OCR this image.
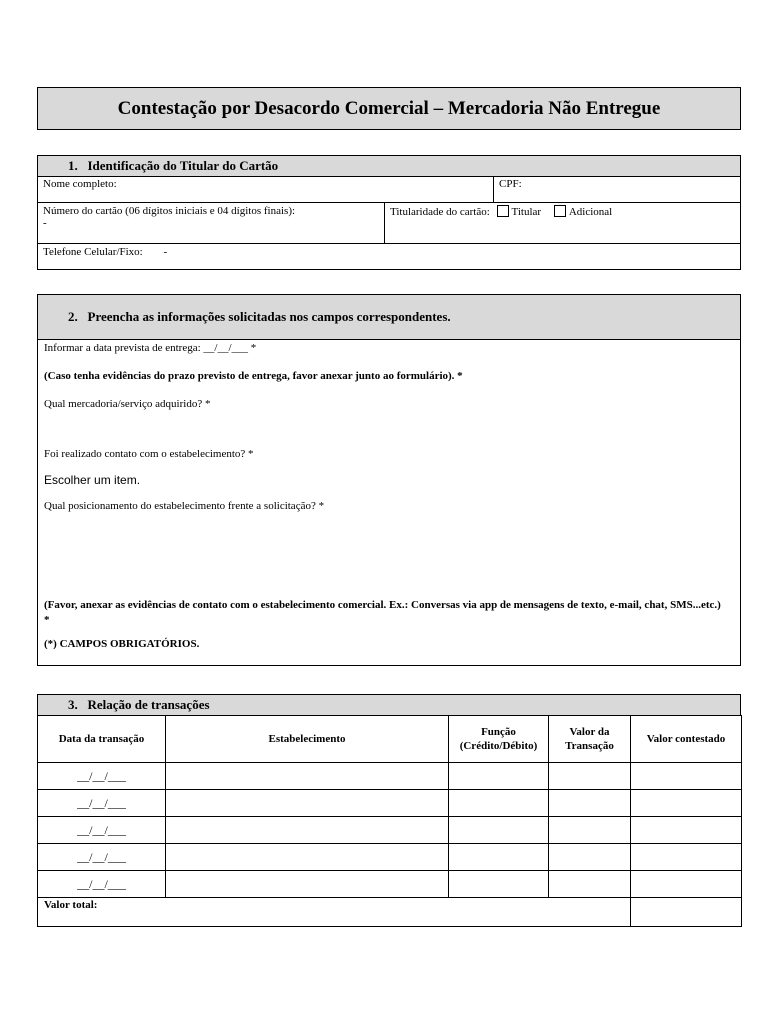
Contestação por Desacordo Comercial – Mercadoria Não Entregue
1.   Identificação do Titular do Cartão
Nome completo:	CPF:
Número do cartão (06 dígitos iniciais e 04 dígitos finais):
-
Titularidade do cartão: Titular	Adicional
Telefone Celular/Fixo: -
2.   Preencha as informações solicitadas nos campos correspondentes.
Informar a data prevista de entrega: __/__/___ *
(Caso tenha evidências do prazo previsto de entrega, favor anexar junto ao formulário). *
Qual mercadoria/serviço adquirido? *
Foi realizado contato com o estabelecimento? *
Escolher um item.
Qual posicionamento do estabelecimento frente a solicitação? *
(Favor, anexar as evidências de contato com o estabelecimento comercial. Ex.: Conversas via app de mensagens de texto, e-mail, chat, SMS...etc.) *
(*) CAMPOS OBRIGATÓRIOS.
3.   Relação de transações
Data da transação	Estabelecimento	Função (Crédito/Débito)	Valor da Transação	Valor contestado
__/__/___				
__/__/___				
__/__/___				
__/__/___				
__/__/___				
Valor total:				
